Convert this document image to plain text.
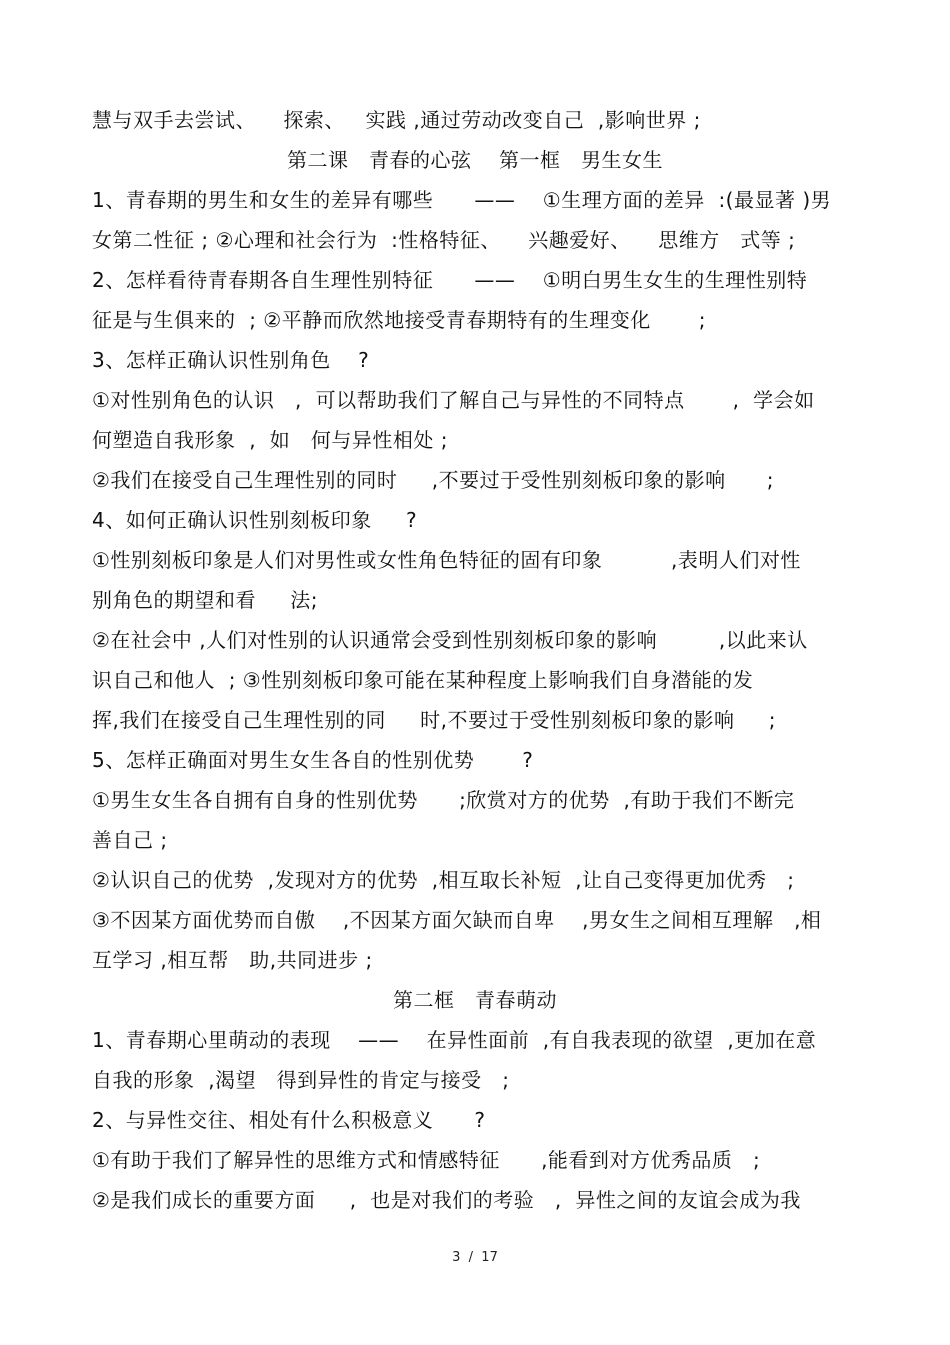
慧与双手去尝试、    探索、   实践 ,通过劳动改变自己  ,影响世界 ;
第二课   青春的心弦    第一框   男生女生
1、青春期的男生和女生的差异有哪些      ——    ①生理方面的差异  :(最显著 )男
女第二性征 ; ②心理和社会行为  :性格特征、    兴趣爱好、    思维方   式等 ;
2、怎样看待青春期各自生理性别特征      ——    ①明白男生女生的生理性别特
征是与生俱来的  ; ②平静而欣然地接受青春期特有的生理变化       ;
3、怎样正确认识性别角色    ?
①对性别角色的认识   ,  可以帮助我们了解自己与异性的不同特点       ,  学会如
何塑造自我形象  ,  如   何与异性相处 ;
②我们在接受自己生理性别的同时     ,不要过于受性别刻板印象的影响      ;
4、如何正确认识性别刻板印象     ?
①性别刻板印象是人们对男性或女性角色特征的固有印象          ,表明人们对性
别角色的期望和看     法;
②在社会中 ,人们对性别的认识通常会受到性别刻板印象的影响         ,以此来认
识自己和他人  ; ③性别刻板印象可能在某种程度上影响我们自身潜能的发
挥,我们在接受自己生理性别的同     时,不要过于受性别刻板印象的影响     ;
5、怎样正确面对男生女生各自的性别优势       ?
①男生女生各自拥有自身的性别优势      ;欣赏对方的优势  ,有助于我们不断完
善自己 ;
②认识自己的优势  ,发现对方的优势  ,相互取长补短  ,让自己变得更加优秀   ;
③不因某方面优势而自傲    ,不因某方面欠缺而自卑    ,男女生之间相互理解   ,相
互学习 ,相互帮   助,共同进步 ;
第二框   青春萌动
1、青春期心里萌动的表现    ——    在异性面前  ,有自我表现的欲望  ,更加在意
自我的形象  ,渴望   得到异性的肯定与接受   ;
2、与异性交往、相处有什么积极意义      ?
①有助于我们了解异性的思维方式和情感特征      ,能看到对方优秀品质   ;
②是我们成长的重要方面     ,  也是对我们的考验   ,  异性之间的友谊会成为我
3  /  17
